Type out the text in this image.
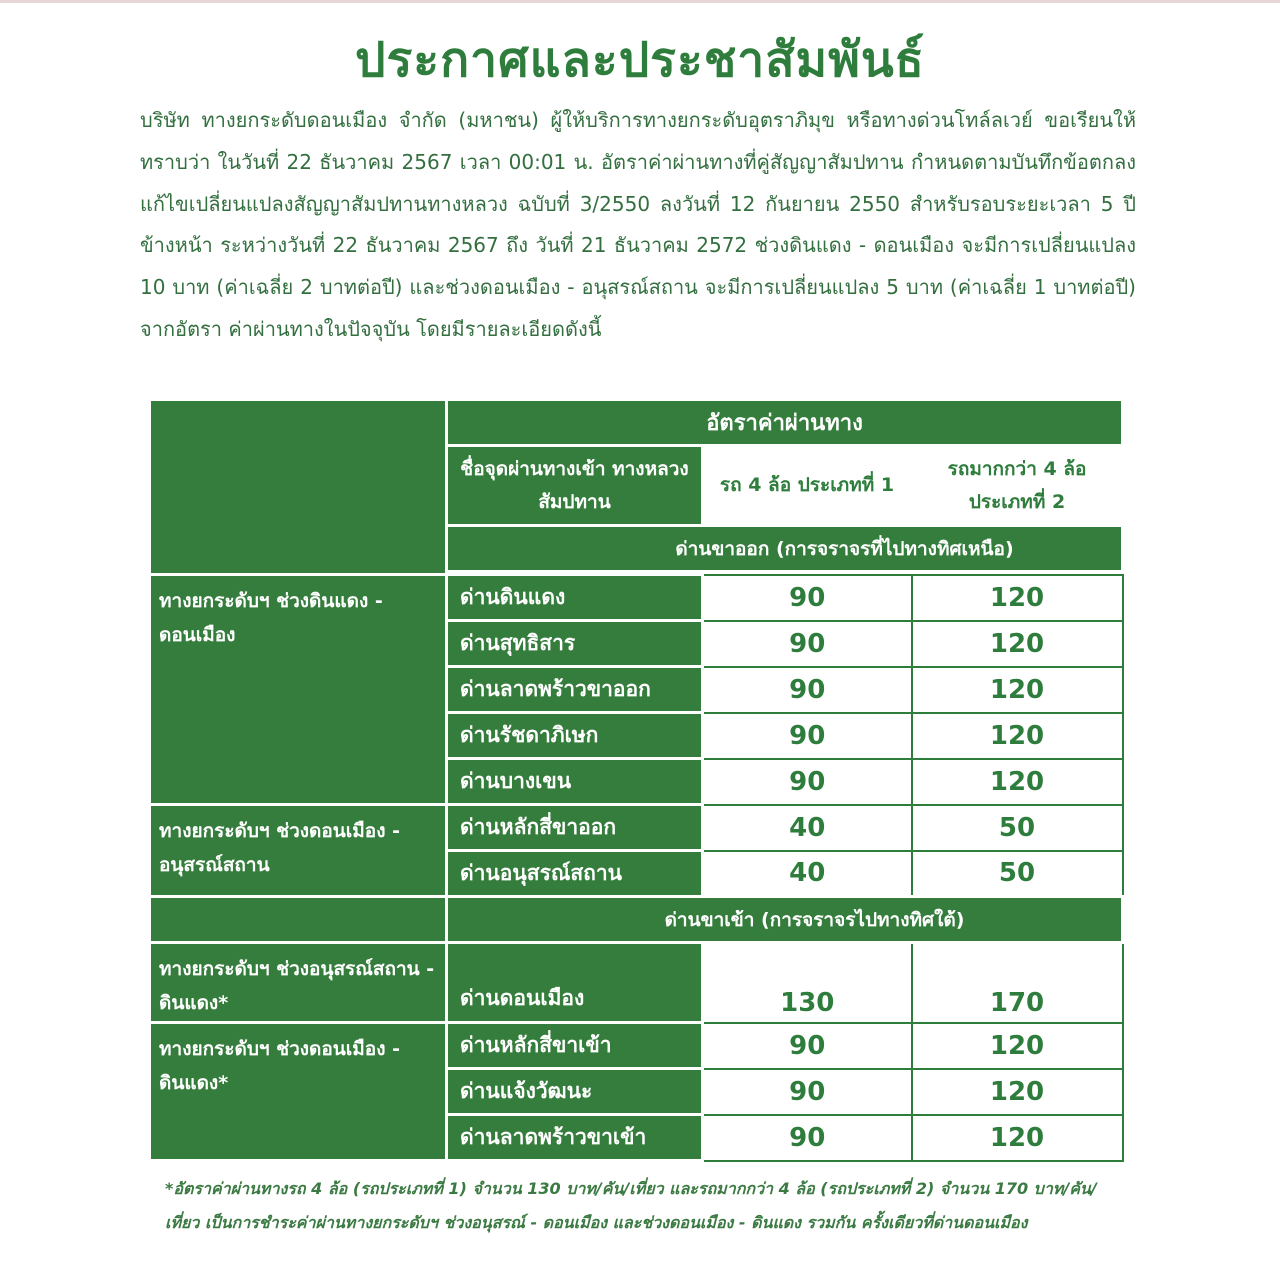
ประกาศและประชาสัมพันธ์
บริษัท ทางยกระดับดอนเมือง จำกัด (มหาชน) ผู้ให้บริการทางยกระดับอุตราภิมุข หรือทางด่วนโทล์ลเวย์ ขอเรียนให้ทราบว่า ในวันที่ 22 ธันวาคม 2567 เวลา 00:01 น. อัตราค่าผ่านทางที่คู่สัญญาสัมปทาน กำหนดตามบันทึกข้อตกลงแก้ไขเปลี่ยนแปลงสัญญาสัมปทานทางหลวง ฉบับที่ 3/2550 ลงวันที่ 12 กันยายน 2550 สำหรับรอบระยะเวลา 5 ปีข้างหน้า ระหว่างวันที่ 22 ธันวาคม 2567 ถึง วันที่ 21 ธันวาคม 2572 ช่วงดินแดง - ดอนเมือง จะมีการเปลี่ยนแปลง 10 บาท (ค่าเฉลี่ย 2 บาทต่อปี) และช่วงดอนเมือง - อนุสรณ์สถาน จะมีการเปลี่ยนแปลง 5 บาท (ค่าเฉลี่ย 1 บาทต่อปี) จากอัตรา ค่าผ่านทางในปัจจุบัน โดยมีรายละเอียดดังนี้
	อัตราค่าผ่านทาง		
	ชื่อจุดผ่านทางเข้า ทางหลวงสัมปทาน	รถ 4 ล้อ ประเภทที่ 1	รถมากกว่า 4 ล้อ ประเภทที่ 2
	ด่านขาออก (การจราจรที่ไปทางทิศเหนือ)		

ทางยกระดับฯ ช่วงดินแดง - ดอนเมือง	ด่านดินแดง	90	120
	ด่านสุทธิสาร	90	120
	ด่านลาดพร้าวขาออก	90	120
	ด่านรัชดาภิเษก	90	120
	ด่านบางเขน	90	120
ทางยกระดับฯ ช่วงดอนเมือง - อนุสรณ์สถาน	ด่านหลักสี่ขาออก	40	50
	ด่านอนุสรณ์สถาน	40	50
	ด่านขาเข้า (การจราจรไปทางทิศใต้)		
ทางยกระดับฯ ช่วงอนุสรณ์สถาน - ดินแดง*	ด่านดอนเมือง	130	170
ทางยกระดับฯ ช่วงดอนเมือง - ดินแดง*	ด่านหลักสี่ขาเข้า	90	120
	ด่านแจ้งวัฒนะ	90	120
	ด่านลาดพร้าวขาเข้า	90	120
*อัตราค่าผ่านทางรถ 4 ล้อ (รถประเภทที่ 1) จำนวน 130 บาท/คัน/เที่ยว และรถมากกว่า 4 ล้อ (รถประเภทที่ 2) จำนวน 170 บาท/คัน/เที่ยว เป็นการชำระค่าผ่านทางยกระดับฯ ช่วงอนุสรณ์ - ดอนเมือง และช่วงดอนเมือง - ดินแดง รวมกัน ครั้งเดียวที่ด่านดอนเมือง
